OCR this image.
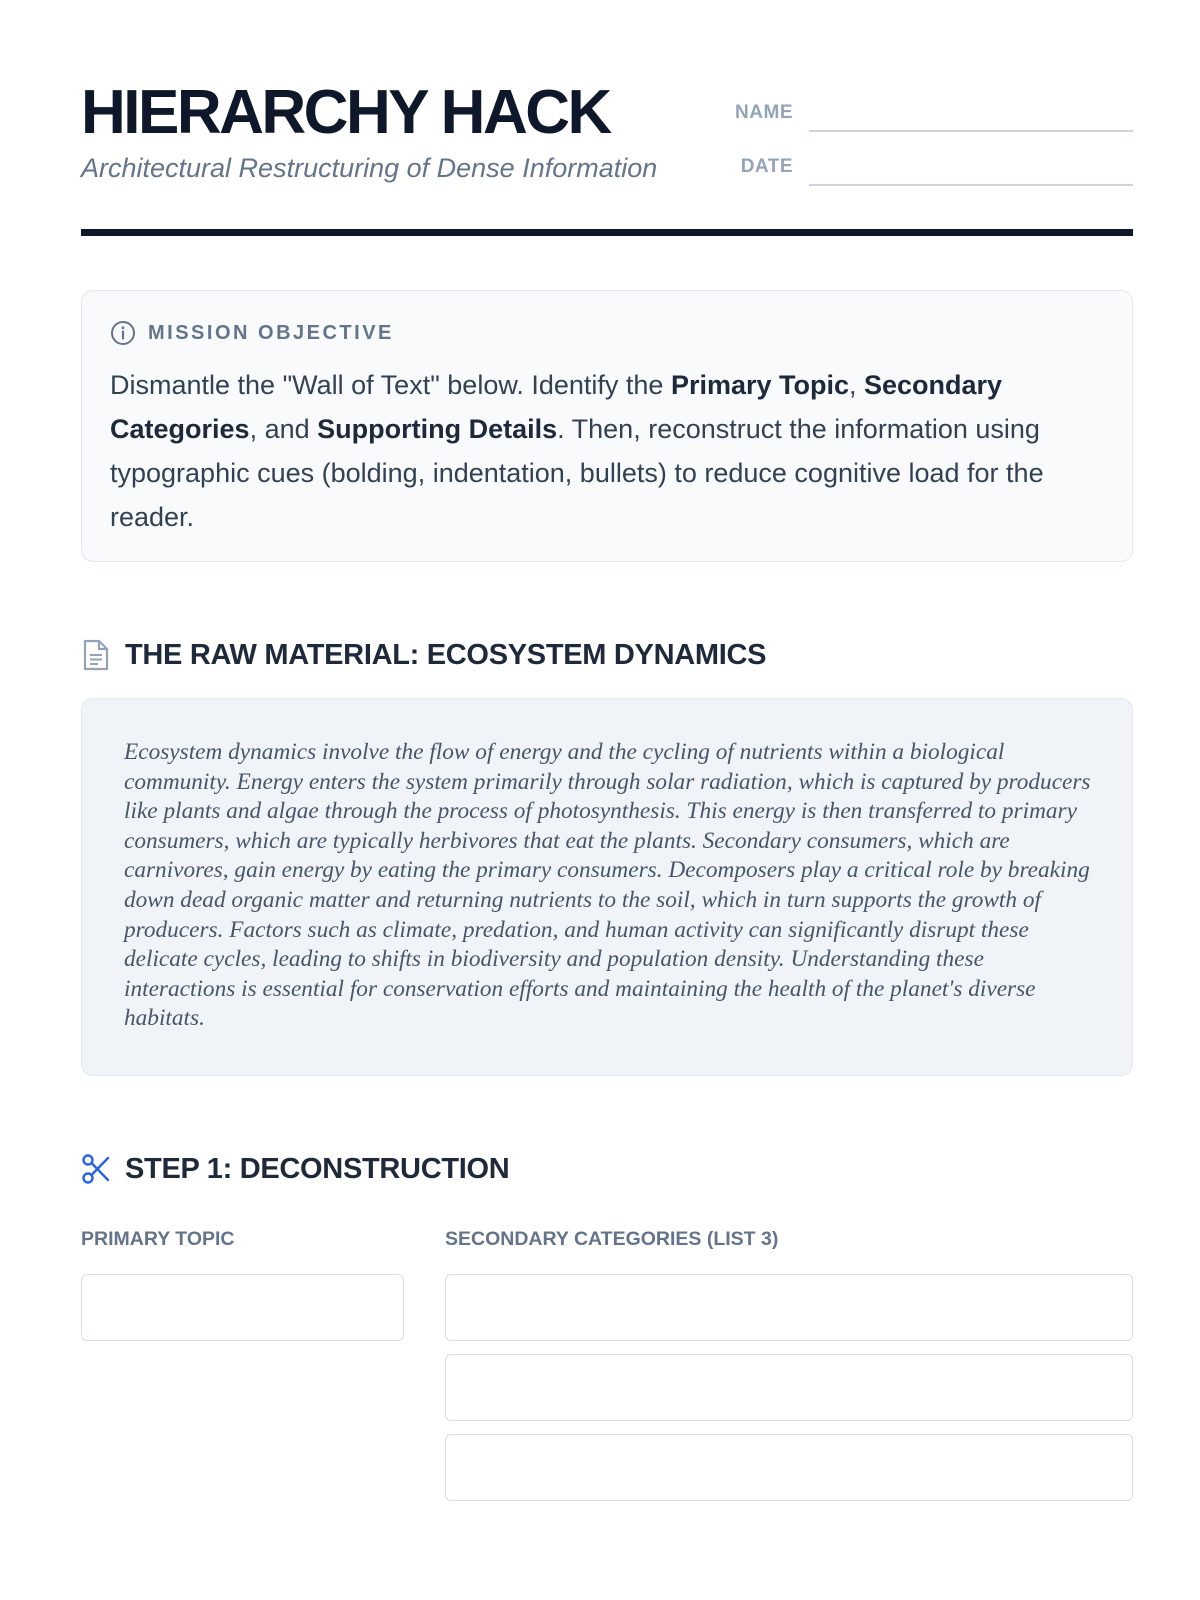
HIERARCHY HACK
Architectural Restructuring of Dense Information
NAME
DATE
MISSION OBJECTIVE
Dismantle the "Wall of Text" below. Identify the Primary Topic, Secondary Categories, and Supporting Details. Then, reconstruct the information using typographic cues (bolding, indentation, bullets) to reduce cognitive load for the reader.
THE RAW MATERIAL: ECOSYSTEM DYNAMICS

Ecosystem dynamics involve the flow of energy and the cycling of nutrients within a biological community. Energy enters the system primarily through solar radiation, which is captured by producers like plants and algae through the process of photosynthesis. This energy is then transferred to primary consumers, which are typically herbivores that eat the plants. Secondary consumers, which are carnivores, gain energy by eating the primary consumers. Decomposers play a critical role by breaking down dead organic matter and returning nutrients to the soil, which in turn supports the growth of producers. Factors such as climate, predation, and human activity can significantly disrupt these delicate cycles, leading to shifts in biodiversity and population density. Understanding these interactions is essential for conservation efforts and maintaining the health of the planet's diverse habitats.

STEP 1: DECONSTRUCTION
PRIMARY TOPIC	SECONDARY CATEGORIES (LIST 3)
